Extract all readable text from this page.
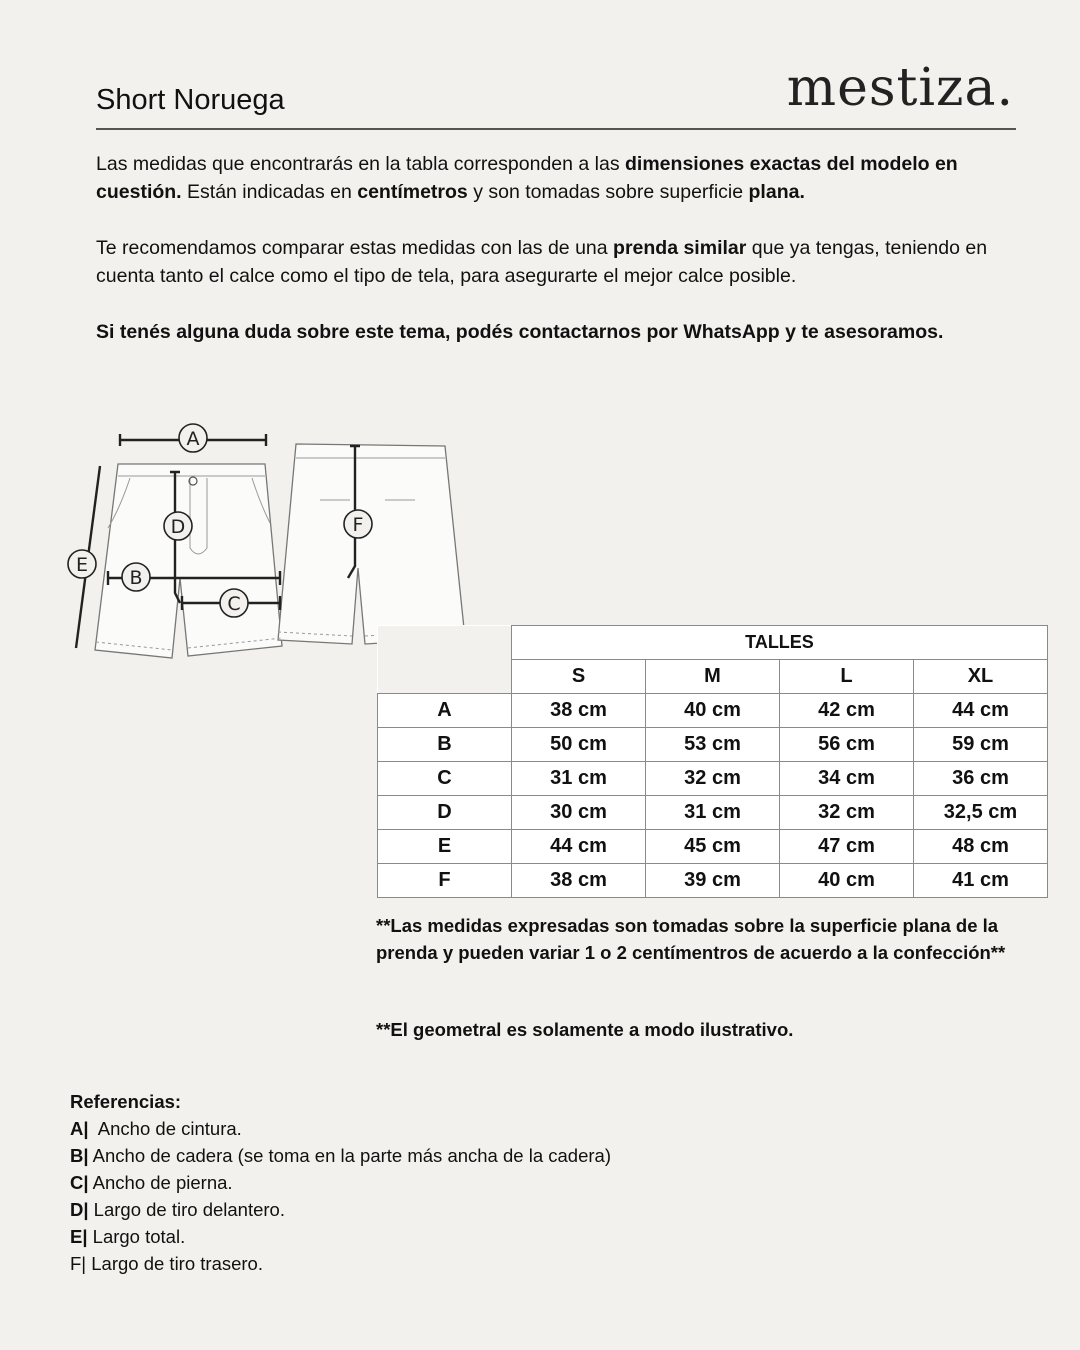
Short Noruega	mestiza.
Las medidas que encontrarás en la tabla corresponden a las dimensiones exactas del modelo en cuestión. Están indicadas en centímetros y son tomadas sobre superficie plana.
Te recomendamos comparar estas medidas con las de una prenda similar que ya tengas, teniendo en cuenta tanto el calce como el tipo de tela, para asegurarte el mejor calce posible.
Si tenés alguna duda sobre este tema, podés contactarnos por WhatsApp y te asesoramos.
A
B
C
D
E
F
	TALLES			
	S	M	L	XL
A	38 cm	40 cm	42 cm	44 cm
B	50 cm	53 cm	56 cm	59 cm
C	31 cm	32 cm	34 cm	36 cm
D	30 cm	31 cm	32 cm	32,5 cm
E	44 cm	45 cm	47 cm	48 cm
F	38 cm	39 cm	40 cm	41 cm
**Las medidas expresadas son tomadas sobre la superficie plana de la prenda y pueden variar 1 o 2 centímentros de acuerdo a la confección**
**El geometral es solamente a modo ilustrativo.
Referencias:
A|  Ancho de cintura.
B| Ancho de cadera (se toma en la parte más ancha de la cadera)
C| Ancho de pierna.
D| Largo de tiro delantero.
E| Largo total.
F| Largo de tiro trasero.
